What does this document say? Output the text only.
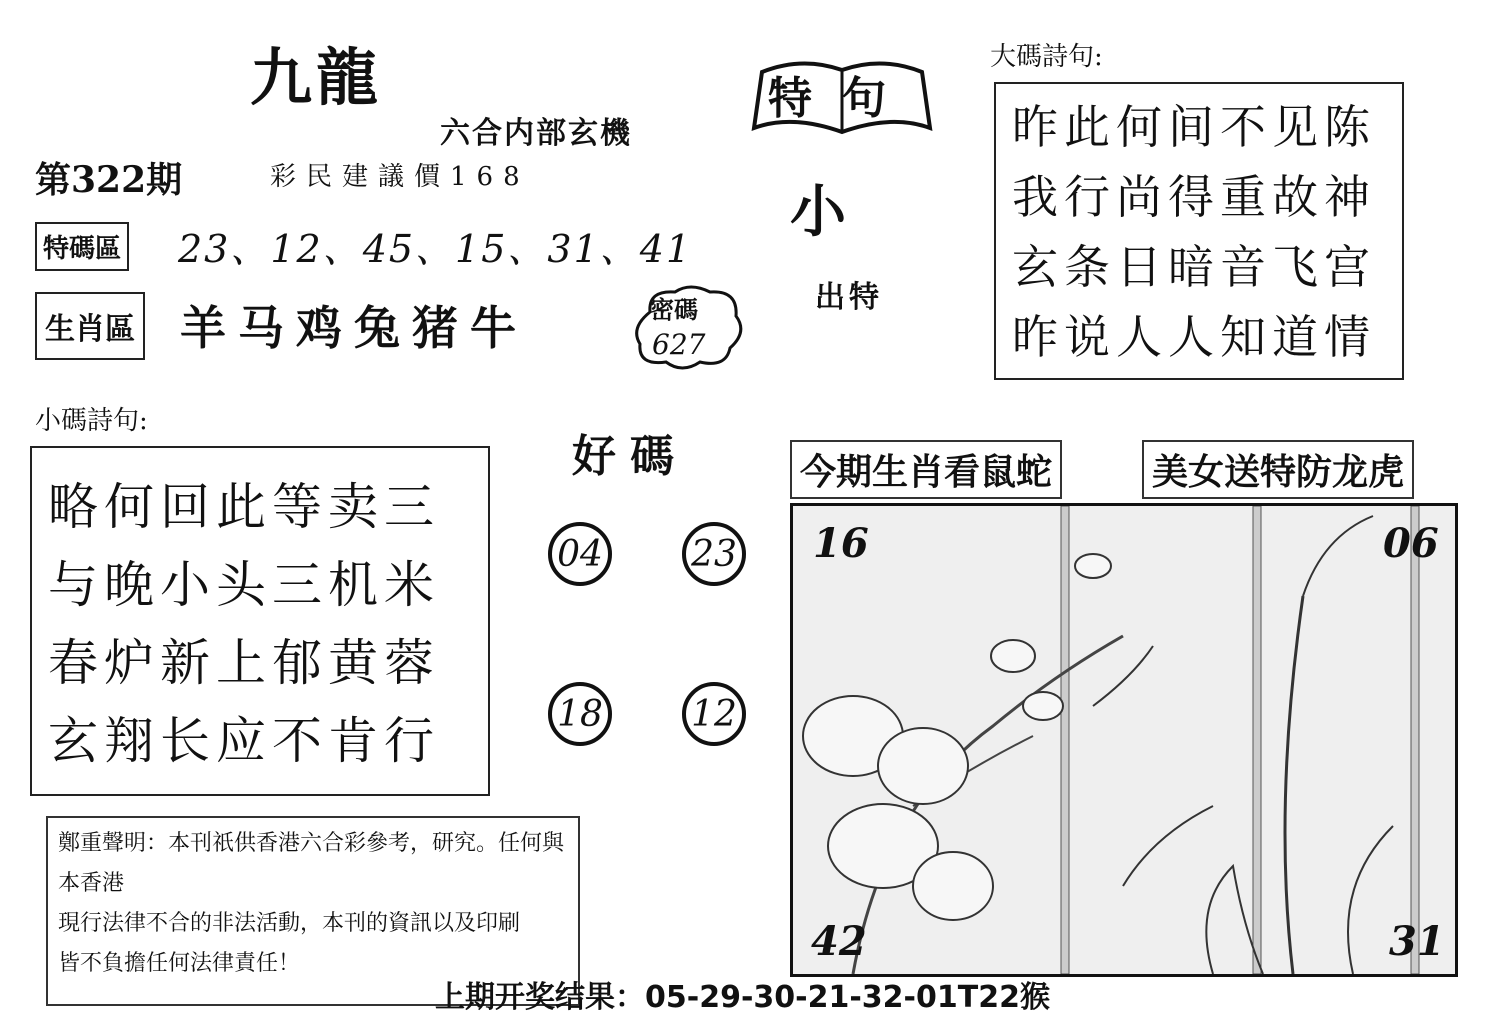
九龍
六合内部玄機
第322期	彩民建議價168
特碼區 23、12、45、15、31、41
生肖區 羊马鸡兔猪牛	密碼
627
特句
小
出特
大碼詩句:
昨此何间不见陈
我行尚得重故神
玄条日暗音飞宫
昨说人人知道情
小碼詩句:
略何回此等卖三
与晚小头三机米
春炉新上郁黄蓉
玄翔长应不肯行
好碼
04 23
18 12
今期生肖看鼠蛇	美女送特防龙虎
16	06
42	31
鄭重聲明：本刊祇供香港六合彩參考，研究。任何與本香港
現行法律不合的非法活動，本刊的資訊以及印刷
皆不負擔任何法律責任！
上期开奖结果：05-29-30-21-32-01T22猴
